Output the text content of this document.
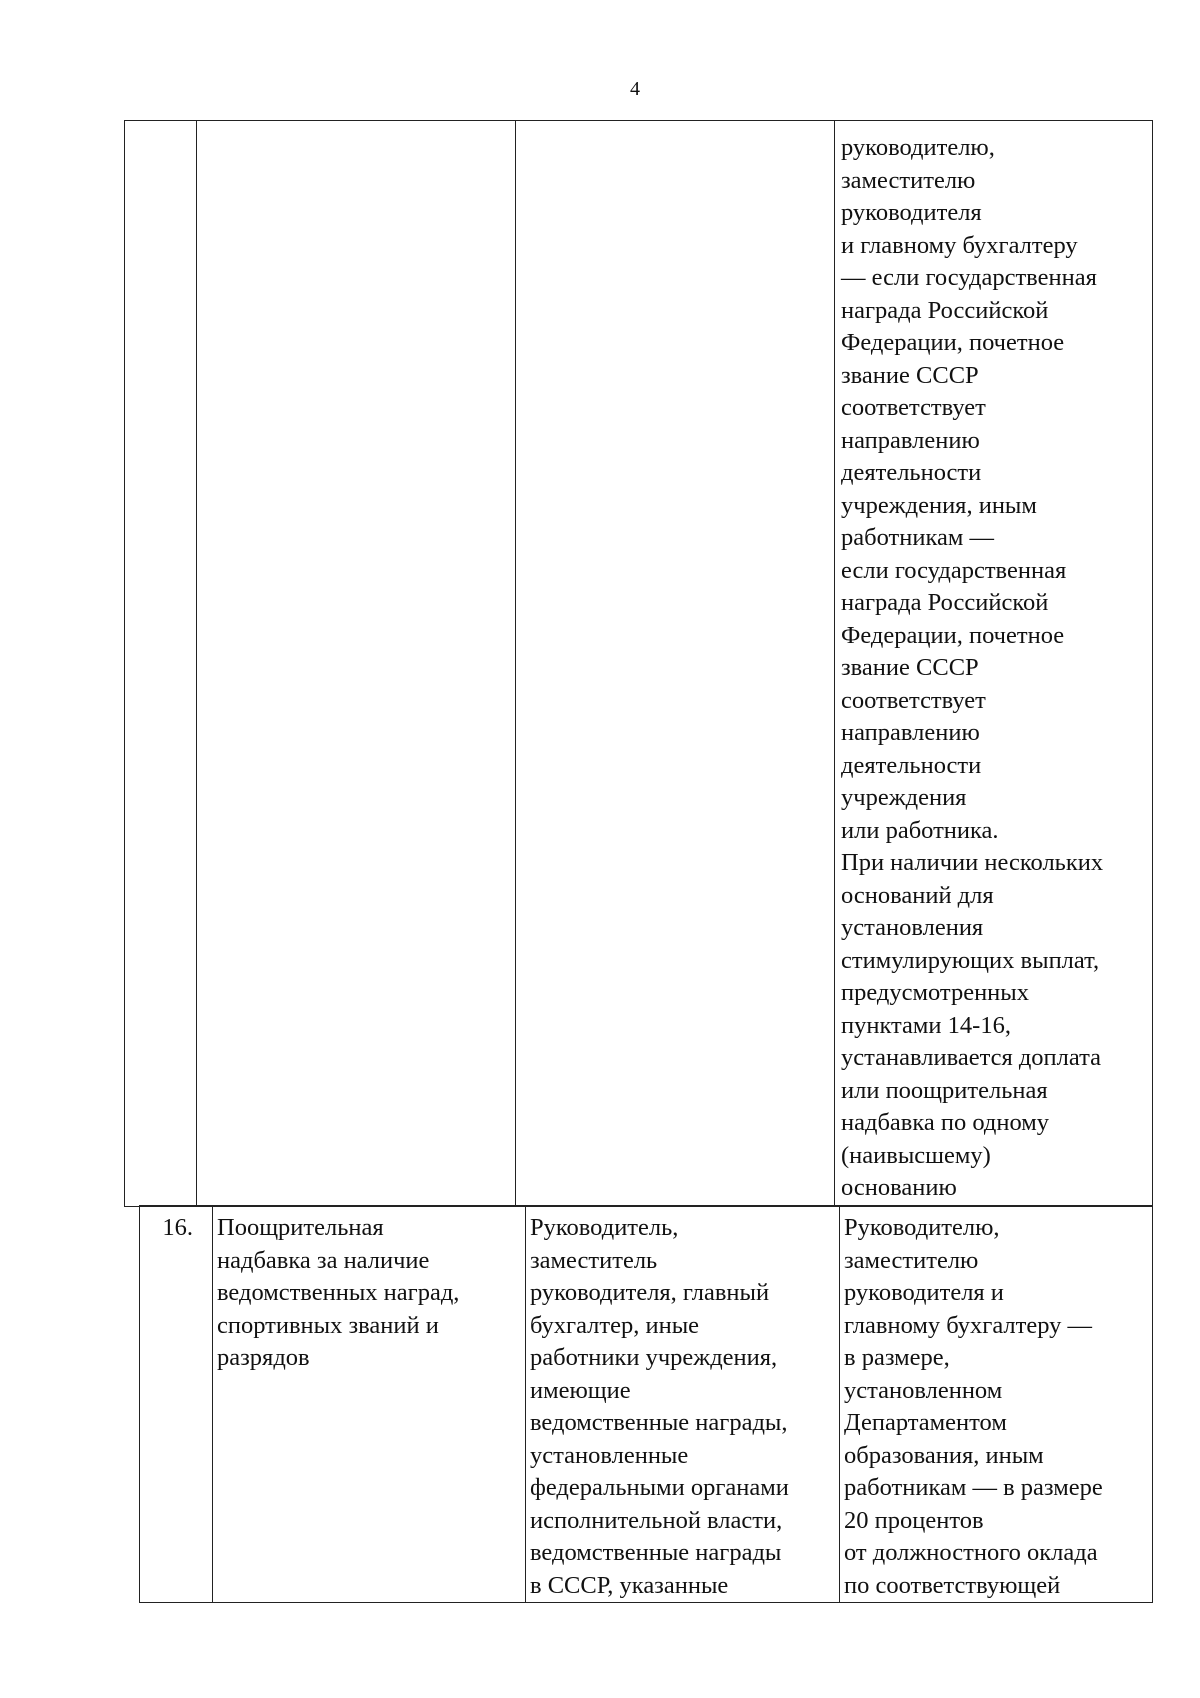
4
руководителю,
заместителю
руководителя
и главному бухгалтеру
— если государственная
награда Российской
Федерации, почетное
звание СССР
соответствует
направлению
деятельности
учреждения, иным
работникам —
если государственная
награда Российской
Федерации, почетное
звание СССР
соответствует
направлению
деятельности
учреждения
или работника.
При наличии нескольких
оснований для
установления
стимулирующих выплат,
предусмотренных
пунктами 14-16,
устанавливается доплата
или поощрительная
надбавка по одному
(наивысшему)
основанию
16. Поощрительная
надбавка за наличие
ведомственных наград,
спортивных званий и
разрядов
Руководитель,
заместитель
руководителя, главный
бухгалтер, иные
работники учреждения,
имеющие
ведомственные награды,
установленные
федеральными органами
исполнительной власти,
ведомственные награды
в СССР, указанные
Руководителю,
заместителю
руководителя и
главному бухгалтеру —
в размере,
установленном
Департаментом
образования, иным
работникам — в размере
20 процентов
от должностного оклада
по соответствующей
